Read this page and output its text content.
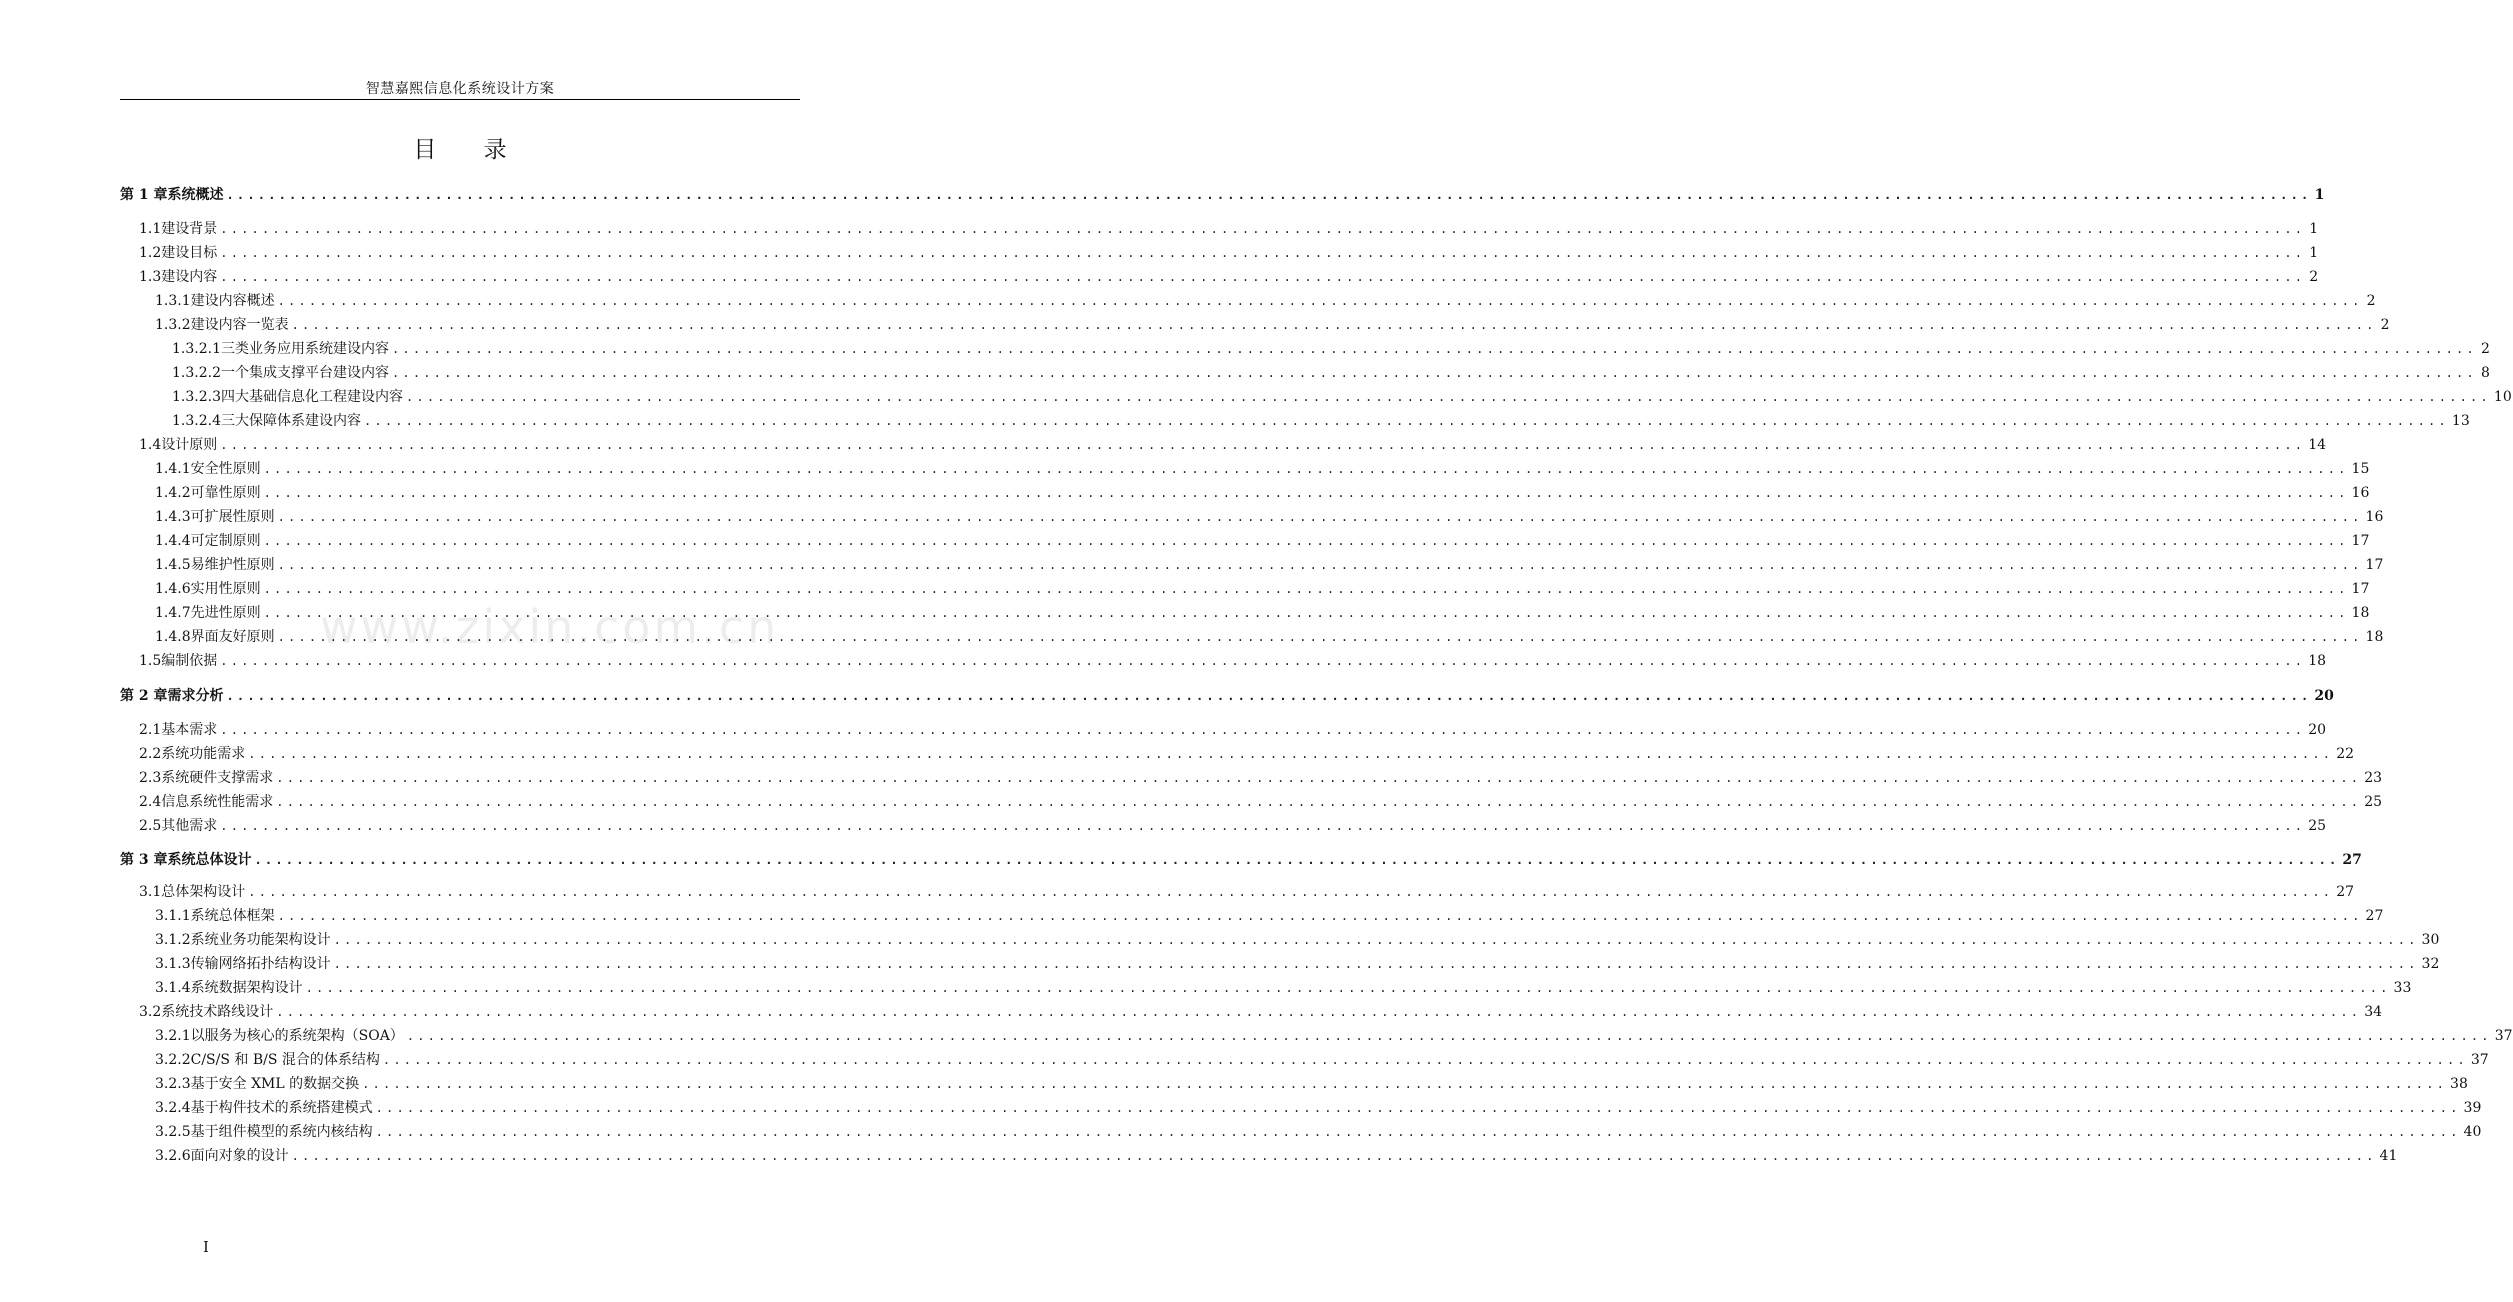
智慧嘉熙信息化系统设计方案
目 录
www.zixin.com.cn
第 1 章 系统概述 ........................................................................................................................................................................................................ 1
1.1 建设背景 ........................................................................................................................................................................................................ 1
1.2 建设目标 ........................................................................................................................................................................................................ 1
1.3 建设内容 ........................................................................................................................................................................................................ 2
1.3.1 建设内容概述 ........................................................................................................................................................................................................ 2
1.3.2 建设内容一览表 ........................................................................................................................................................................................................ 2
1.3.2.1 三类业务应用系统建设内容 ........................................................................................................................................................................................................ 2
1.3.2.2 一个集成支撑平台建设内容 ........................................................................................................................................................................................................ 8
1.3.2.3 四大基础信息化工程建设内容 ........................................................................................................................................................................................................ 10
1.3.2.4 三大保障体系建设内容 ........................................................................................................................................................................................................ 13
1.4 设计原则 ........................................................................................................................................................................................................ 14
1.4.1 安全性原则 ........................................................................................................................................................................................................ 15
1.4.2 可靠性原则 ........................................................................................................................................................................................................ 16
1.4.3 可扩展性原则 ........................................................................................................................................................................................................ 16
1.4.4 可定制原则 ........................................................................................................................................................................................................ 17
1.4.5 易维护性原则 ........................................................................................................................................................................................................ 17
1.4.6 实用性原则 ........................................................................................................................................................................................................ 17
1.4.7 先进性原则 ........................................................................................................................................................................................................ 18
1.4.8 界面友好原则 ........................................................................................................................................................................................................ 18
1.5 编制依据 ........................................................................................................................................................................................................ 18
第 2 章 需求分析 ........................................................................................................................................................................................................ 20
2.1 基本需求 ........................................................................................................................................................................................................ 20
2.2 系统功能需求 ........................................................................................................................................................................................................ 22
2.3 系统硬件支撑需求 ........................................................................................................................................................................................................ 23
2.4 信息系统性能需求 ........................................................................................................................................................................................................ 25
2.5 其他需求 ........................................................................................................................................................................................................ 25
第 3 章 系统总体设计 ........................................................................................................................................................................................................ 27
3.1 总体架构设计 ........................................................................................................................................................................................................ 27
3.1.1 系统总体框架 ........................................................................................................................................................................................................ 27
3.1.2 系统业务功能架构设计 ........................................................................................................................................................................................................ 30
3.1.3 传输网络拓扑结构设计 ........................................................................................................................................................................................................ 32
3.1.4 系统数据架构设计 ........................................................................................................................................................................................................ 33
3.2 系统技术路线设计 ........................................................................................................................................................................................................ 34
3.2.1 以服务为核心的系统架构（SOA） ........................................................................................................................................................................................................ 37
3.2.2 C/S/S 和 B/S 混合的体系结构 ........................................................................................................................................................................................................ 37
3.2.3 基于安全 XML 的数据交换 ........................................................................................................................................................................................................ 38
3.2.4 基于构件技术的系统搭建模式 ........................................................................................................................................................................................................ 39
3.2.5 基于组件模型的系统内核结构 ........................................................................................................................................................................................................ 40
3.2.6 面向对象的设计 ........................................................................................................................................................................................................ 41
I
